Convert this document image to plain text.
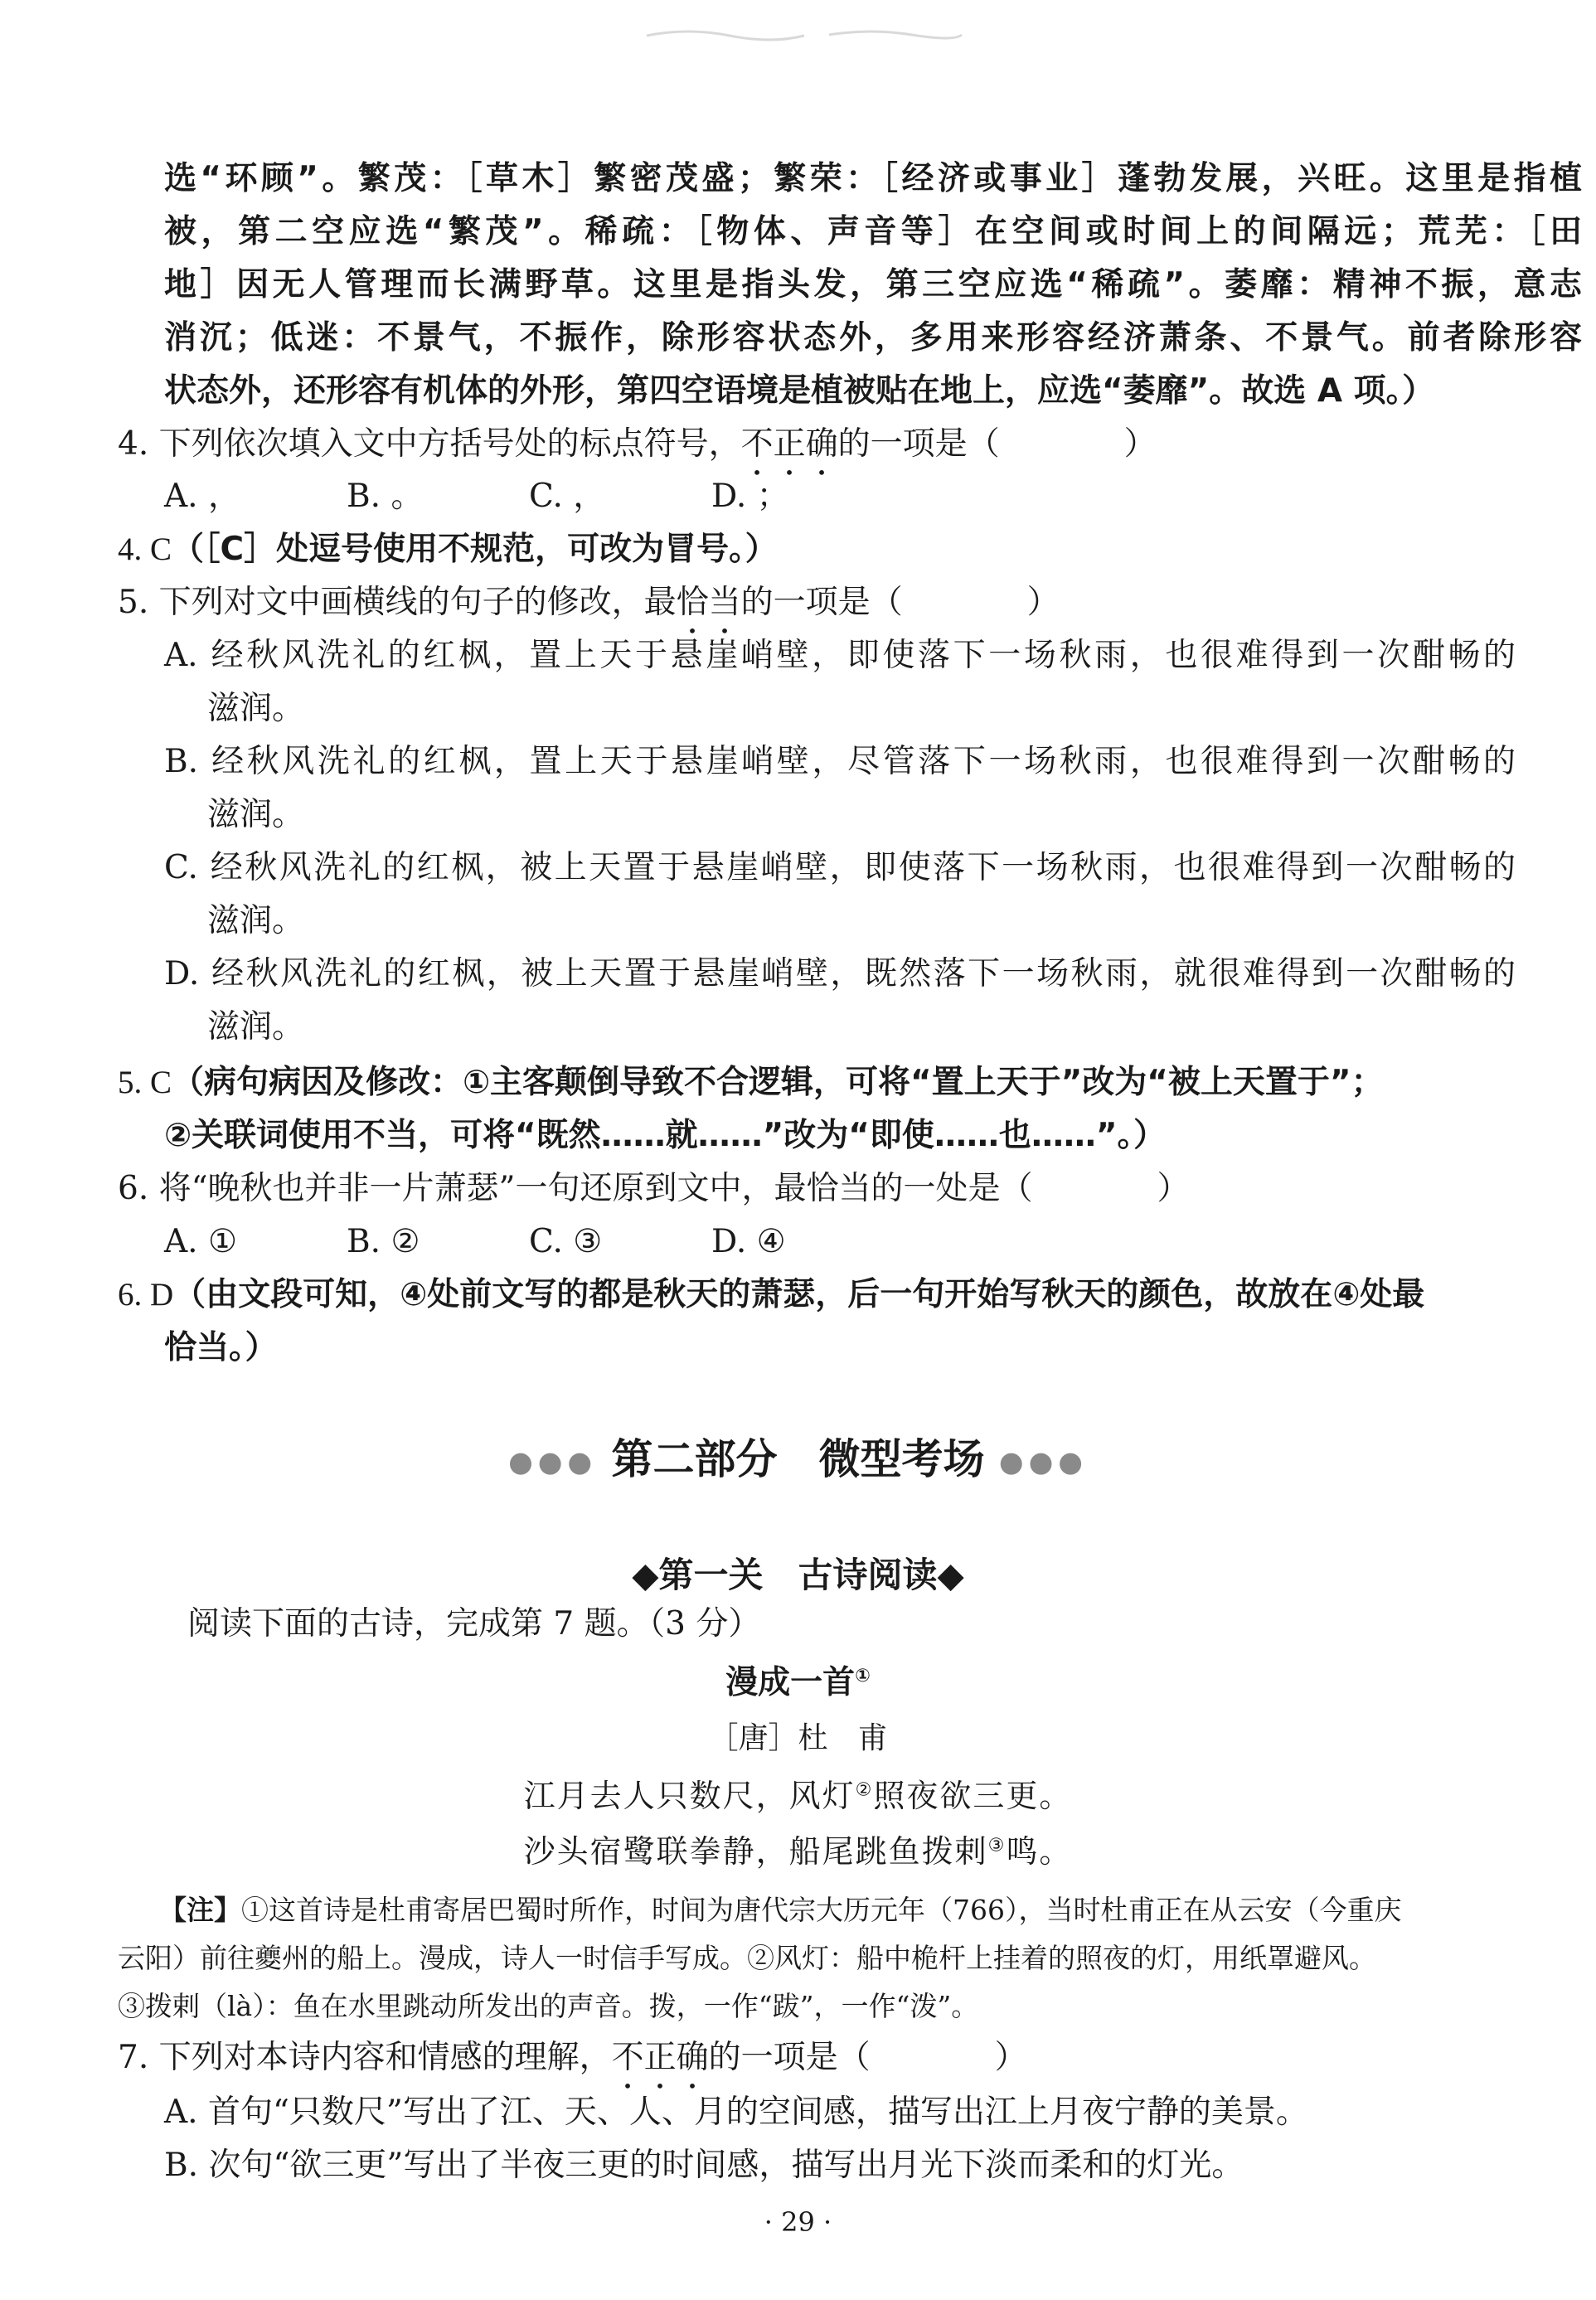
选“环顾”。繁茂：［草木］繁密茂盛；繁荣：［经济或事业］蓬勃发展，兴旺。这里是指植
被，第二空应选“繁茂”。稀疏：［物体、声音等］在空间或时间上的间隔远；荒芜：［田
地］因无人管理而长满野草。这里是指头发，第三空应选“稀疏”。萎靡：精神不振，意志
消沉；低迷：不景气，不振作，除形容状态外，多用来形容经济萧条、不景气。前者除形容
状态外，还形容有机体的外形，第四空语境是植被贴在地上，应选“萎靡”。故选 A 项。）
4. 下列依次填入文中方括号处的标点符号，不正确的一项是（	）
A. ，	B. 。	C. ，	D. ；
4. C（［C］处逗号使用不规范，可改为冒号。）
5. 下列对文中画横线的句子的修改，最恰当的一项是（	）
A. 经秋风洗礼的红枫，置上天于悬崖峭壁，即使落下一场秋雨，也很难得到一次酣畅的
滋润。
B. 经秋风洗礼的红枫，置上天于悬崖峭壁，尽管落下一场秋雨，也很难得到一次酣畅的
滋润。
C. 经秋风洗礼的红枫，被上天置于悬崖峭壁，即使落下一场秋雨，也很难得到一次酣畅的
滋润。
D. 经秋风洗礼的红枫，被上天置于悬崖峭壁，既然落下一场秋雨，就很难得到一次酣畅的
滋润。
5. C（病句病因及修改：①主客颠倒导致不合逻辑，可将“置上天于”改为“被上天置于”；
②关联词使用不当，可将“既然……就……”改为“即使……也……”。）
6. 将“晚秋也并非一片萧瑟”一句还原到文中，最恰当的一处是（	）
A. ①	B. ②	C. ③	D. ④
6. D（由文段可知，④处前文写的都是秋天的萧瑟，后一句开始写秋天的颜色，故放在④处最
恰当。）
●●● 第二部分　微型考场 ●●●
◆第一关　古诗阅读◆
阅读下面的古诗，完成第 7 题。（3 分）
漫成一首①
［唐］杜　甫
江月去人只数尺，风灯②照夜欲三更。
沙头宿鹭联拳静，船尾跳鱼拨剌③鸣。
【注】①这首诗是杜甫寄居巴蜀时所作，时间为唐代宗大历元年（766），当时杜甫正在从云安（今重庆
云阳）前往夔州的船上。漫成，诗人一时信手写成。②风灯：船中桅杆上挂着的照夜的灯，用纸罩避风。
③拨剌（là）：鱼在水里跳动所发出的声音。拨，一作“跋”，一作“泼”。
7. 下列对本诗内容和情感的理解，不正确的一项是（	）
A. 首句“只数尺”写出了江、天、人、月的空间感，描写出江上月夜宁静的美景。
B. 次句“欲三更”写出了半夜三更的时间感，描写出月光下淡而柔和的灯光。
· 29 ·
